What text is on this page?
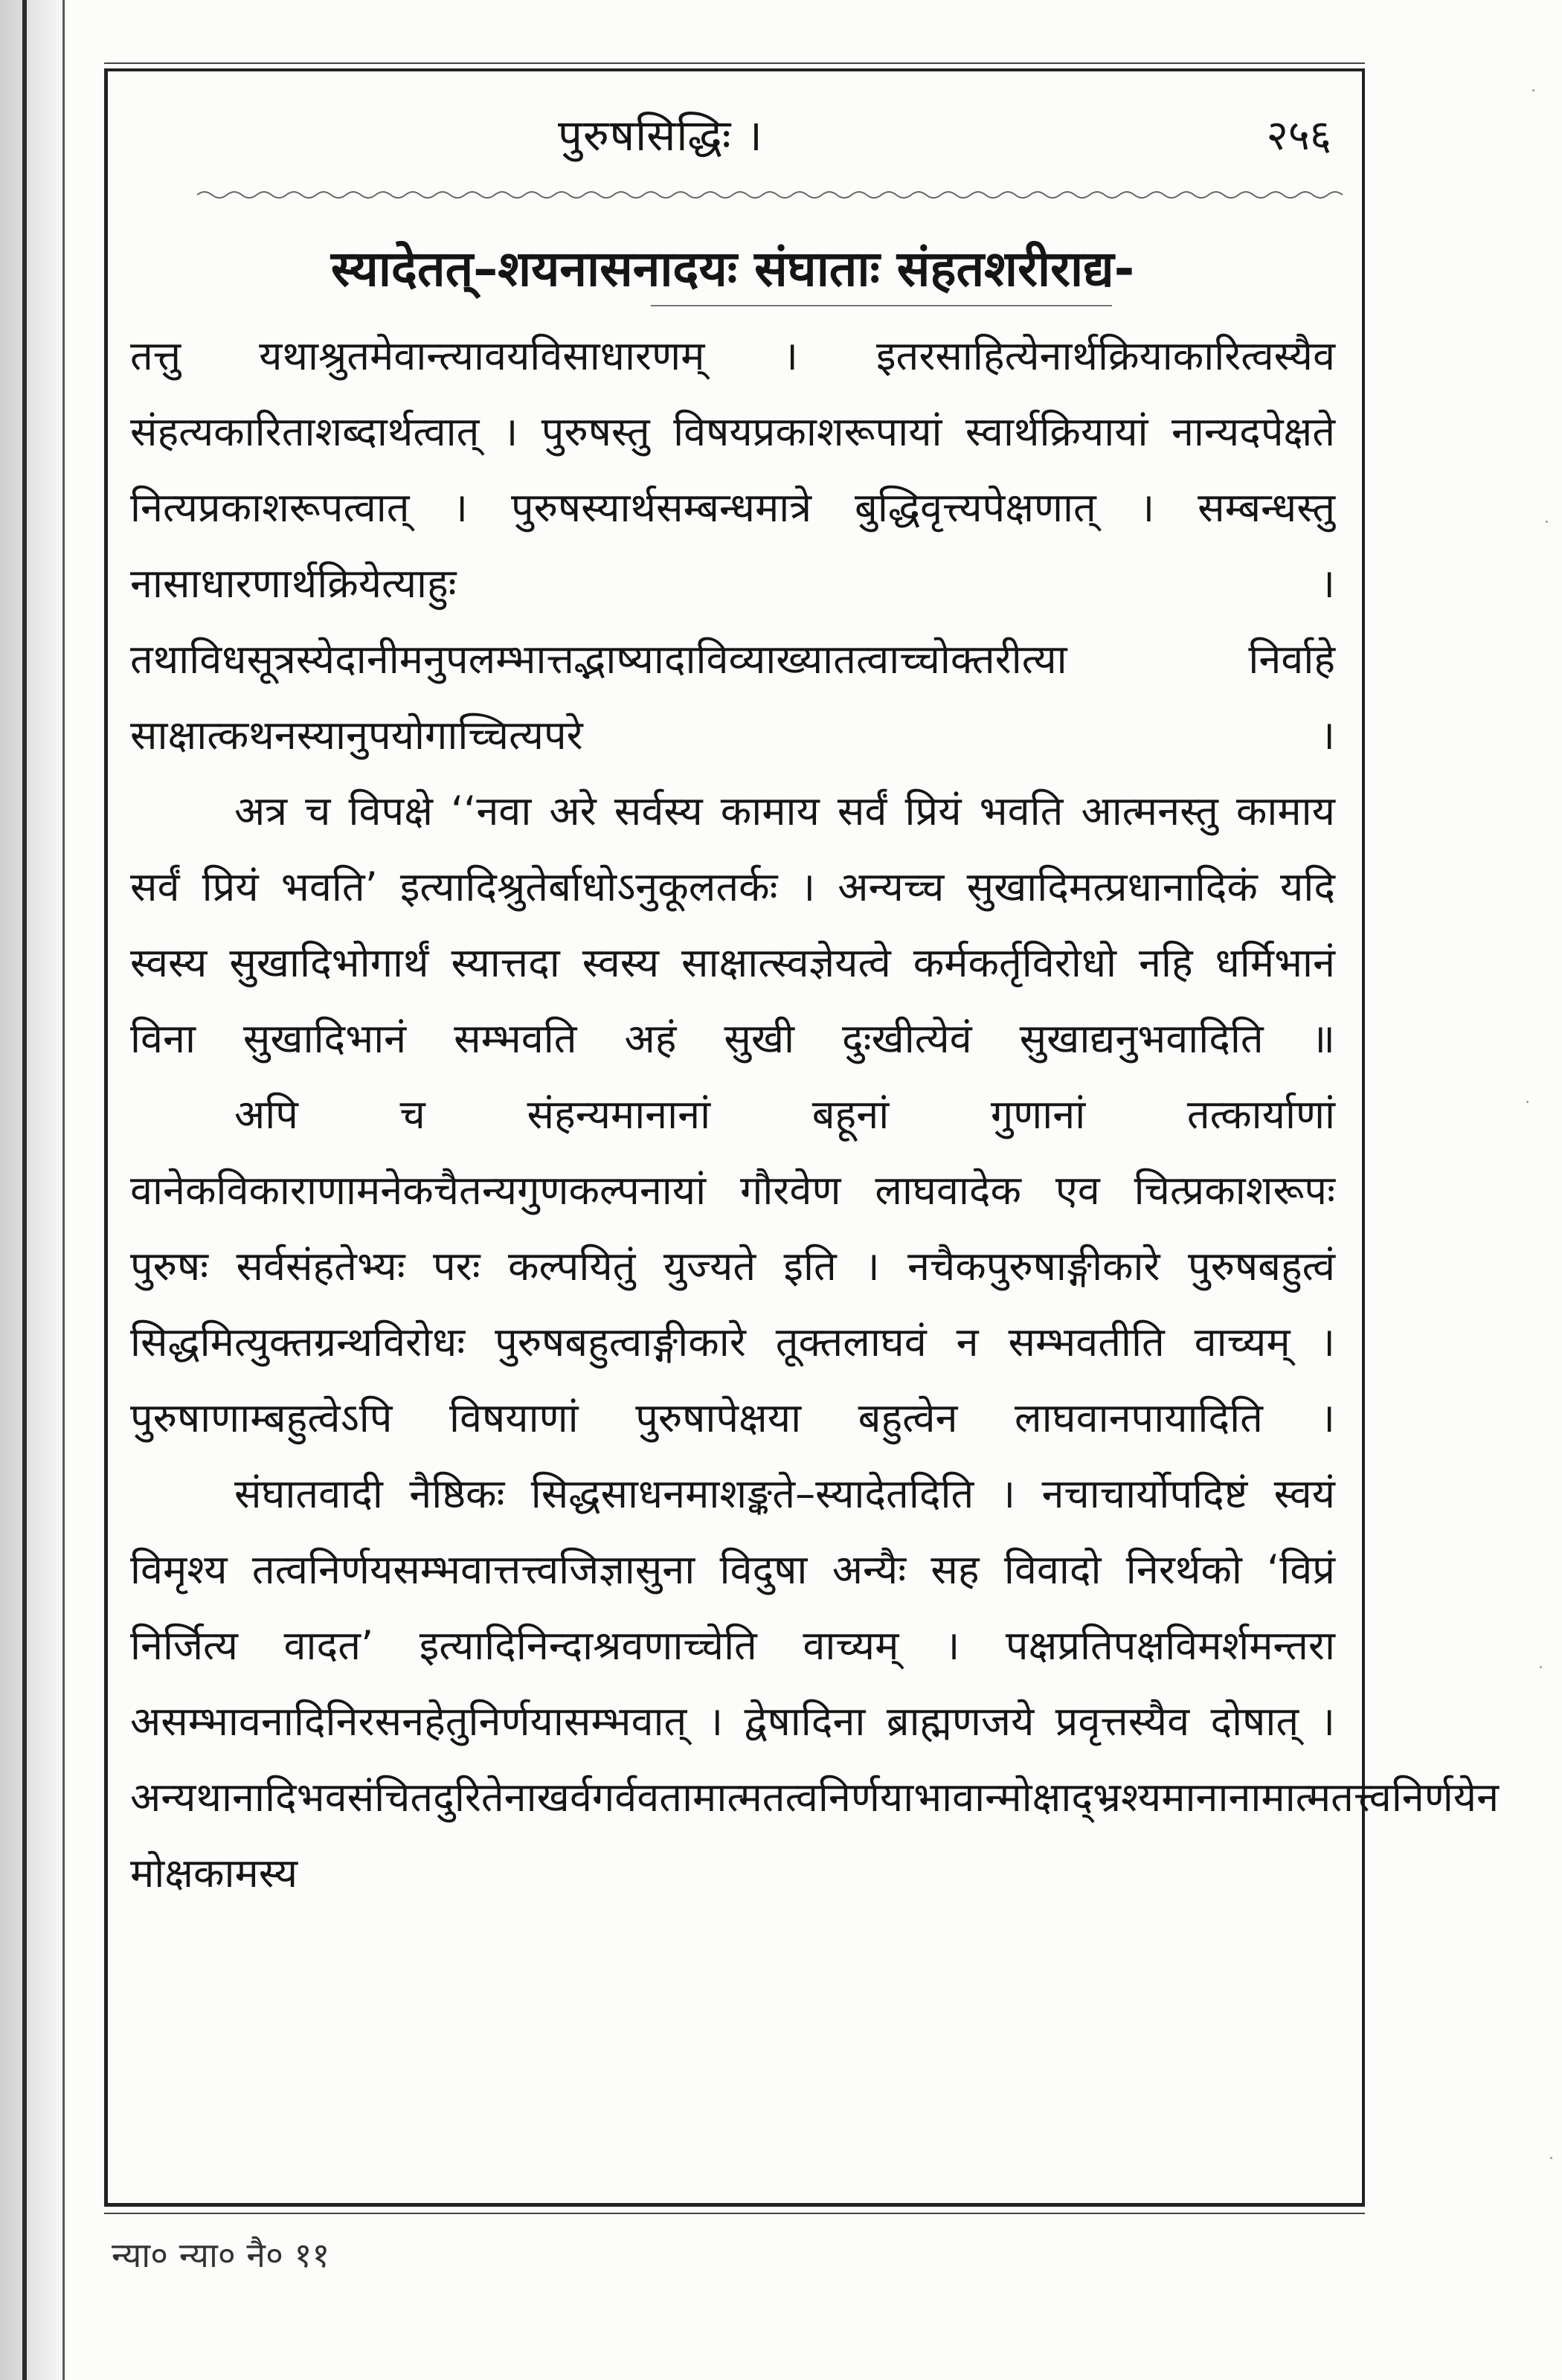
पुरुषसिद्धिः ।	२५६

स्यादेतत्–शयनासनादयः संघाताः संहतशरीराद्य-

तत्तु यथाश्रुतमेवान्त्यावयविसाधारणम् । इतरसाहित्येनार्थक्रियाकारित्वस्यैव संहत्यकारिताशब्दार्थत्वात् । पुरुषस्तु विषयप्रकाशरूपायां स्वार्थक्रियायां नान्यदपेक्षते नित्यप्रकाशरूपत्वात् । पुरुषस्यार्थसम्बन्धमात्रे बुद्धिवृत्त्यपेक्षणात् । सम्बन्धस्तु नासाधारणार्थक्रियेत्याहुः । तथाविधसूत्रस्येदानीमनुपलम्भात्तद्भाष्यादाविव्याख्यातत्वाच्चोक्तरीत्या निर्वाहे साक्षात्कथनस्यानुपयोगाच्चित्यपरे ।

अत्र च विपक्षे ‘‘नवा अरे सर्वस्य कामाय सर्वं प्रियं भवति आत्मनस्तु कामाय सर्वं प्रियं भवति’ इत्यादिश्रुतेर्बाधोऽनुकूलतर्कः । अन्यच्च सुखादिमत्प्रधानादिकं यदि स्वस्य सुखादिभोगार्थं स्यात्तदा स्वस्य साक्षात्स्वज्ञेयत्वे कर्मकर्तृविरोधो नहि धर्मिभानं विना सुखादिभानं सम्भवति अहं सुखी दुःखीत्येवं सुखाद्यनुभवादिति ॥

अपि च संहन्यमानानां बहूनां गुणानां तत्कार्याणां वानेकविकाराणामनेकचैतन्यगुणकल्पनायां गौरवेण लाघवादेक एव चित्प्रकाशरूपः पुरुषः सर्वसंहतेभ्यः परः कल्पयितुं युज्यते इति । नचैकपुरुषाङ्गीकारे पुरुषबहुत्वं सिद्धमित्युक्तग्रन्थविरोधः पुरुषबहुत्वाङ्गीकारे तूक्तलाघवं न सम्भवतीति वाच्यम् । पुरुषाणाम्बहुत्वेऽपि विषयाणां पुरुषापेक्षया बहुत्वेन लाघवानपायादिति ।

संघातवादी नैष्ठिकः सिद्धसाधनमाशङ्कते–स्यादेतदिति । नचाचार्योपदिष्टं स्वयं विमृश्य तत्वनिर्णयसम्भवात्तत्त्वजिज्ञासुना विदुषा अन्यैः सह विवादो निरर्थको ‘विप्रं निर्जित्य वादत’ इत्यादिनिन्दाश्रवणाच्चेति वाच्यम् । पक्षप्रतिपक्षविमर्शमन्तरा असम्भावनादिनिरसनहेतुनिर्णयासम्भवात् । द्वेषादिना ब्राह्मणजये प्रवृत्तस्यैव दोषात् । अन्यथानादिभवसंचितदुरितेनाखर्वगर्ववतामात्मतत्वनिर्णयाभावान्मोक्षाद्भ्रश्यमानानामात्मतत्त्वनिर्णयेन मोक्षकामस्य

न्या० न्या० नै० ११
